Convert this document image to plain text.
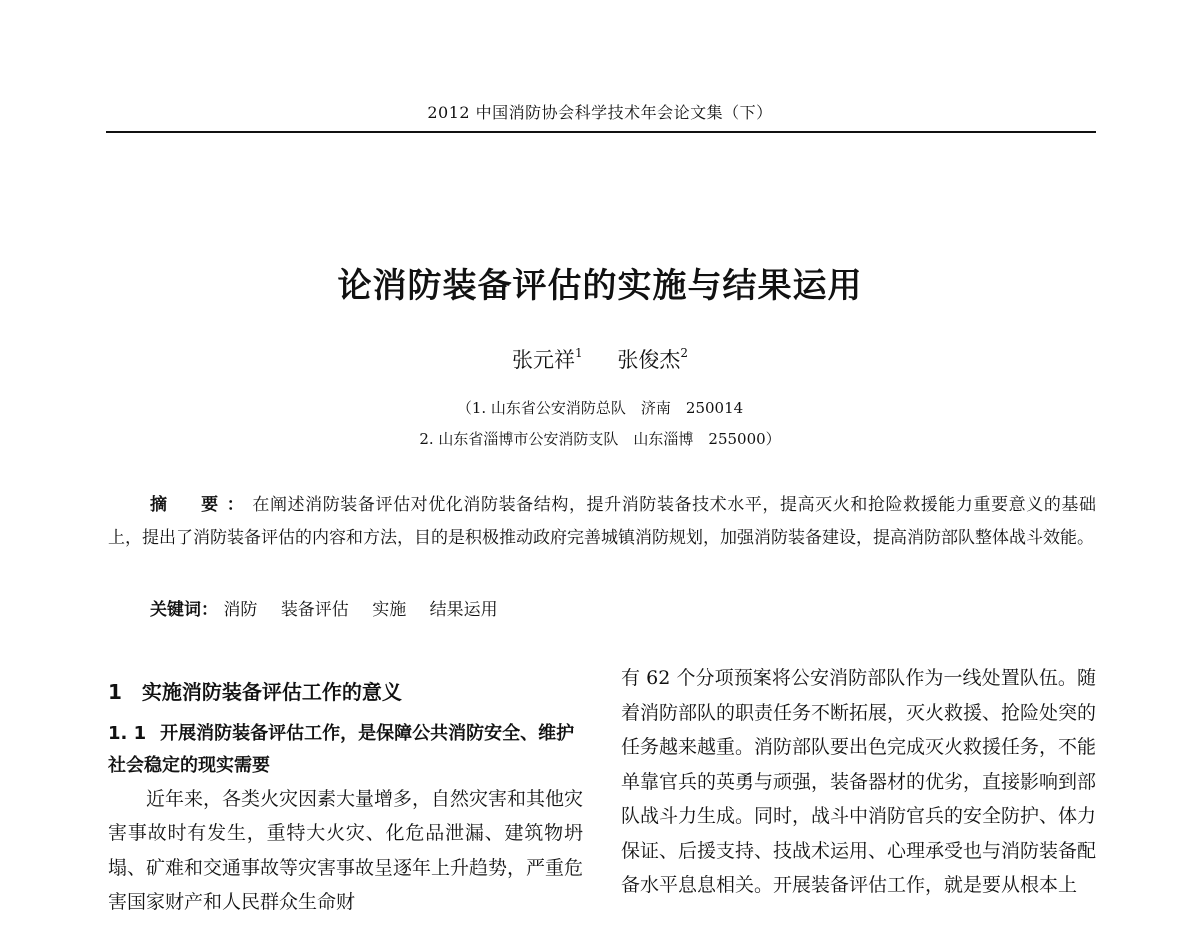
2012 中国消防协会科学技术年会论文集（下）
论消防装备评估的实施与结果运用
张元祥$^1$ 张俊杰$^2$
（1. 山东省公安消防总队　济南　250014
2. 山东省淄博市公安消防支队　山东淄博　255000）
摘　要：在阐述消防装备评估对优化消防装备结构，提升消防装备技术水平，提高灭火和抢险救援能力重要意义的基础上，提出了消防装备评估的内容和方法，目的是积极推动政府完善城镇消防规划，加强消防装备建设，提高消防部队整体战斗效能。
关键词： 消防 装备评估 实施 结果运用
1 实施消防装备评估工作的意义
1. 1 开展消防装备评估工作，是保障公共消防安全、维护社会稳定的现实需要

近年来，各类火灾因素大量增多，自然灾害和其他灾害事故时有发生，重特大火灾、化危品泄漏、建筑物坍塌、矿难和交通事故等灾害事故呈逐年上升趋势，严重危害国家财产和人民群众生命财

有 62 个分项预案将公安消防部队作为一线处置队伍。随着消防部队的职责任务不断拓展，灭火救援、抢险处突的任务越来越重。消防部队要出色完成灭火救援任务，不能单靠官兵的英勇与顽强，装备器材的优劣，直接影响到部队战斗力生成。同时，战斗中消防官兵的安全防护、体力保证、后援支持、技战术运用、心理承受也与消防装备配备水平息息相关。开展装备评估工作，就是要从根本上
